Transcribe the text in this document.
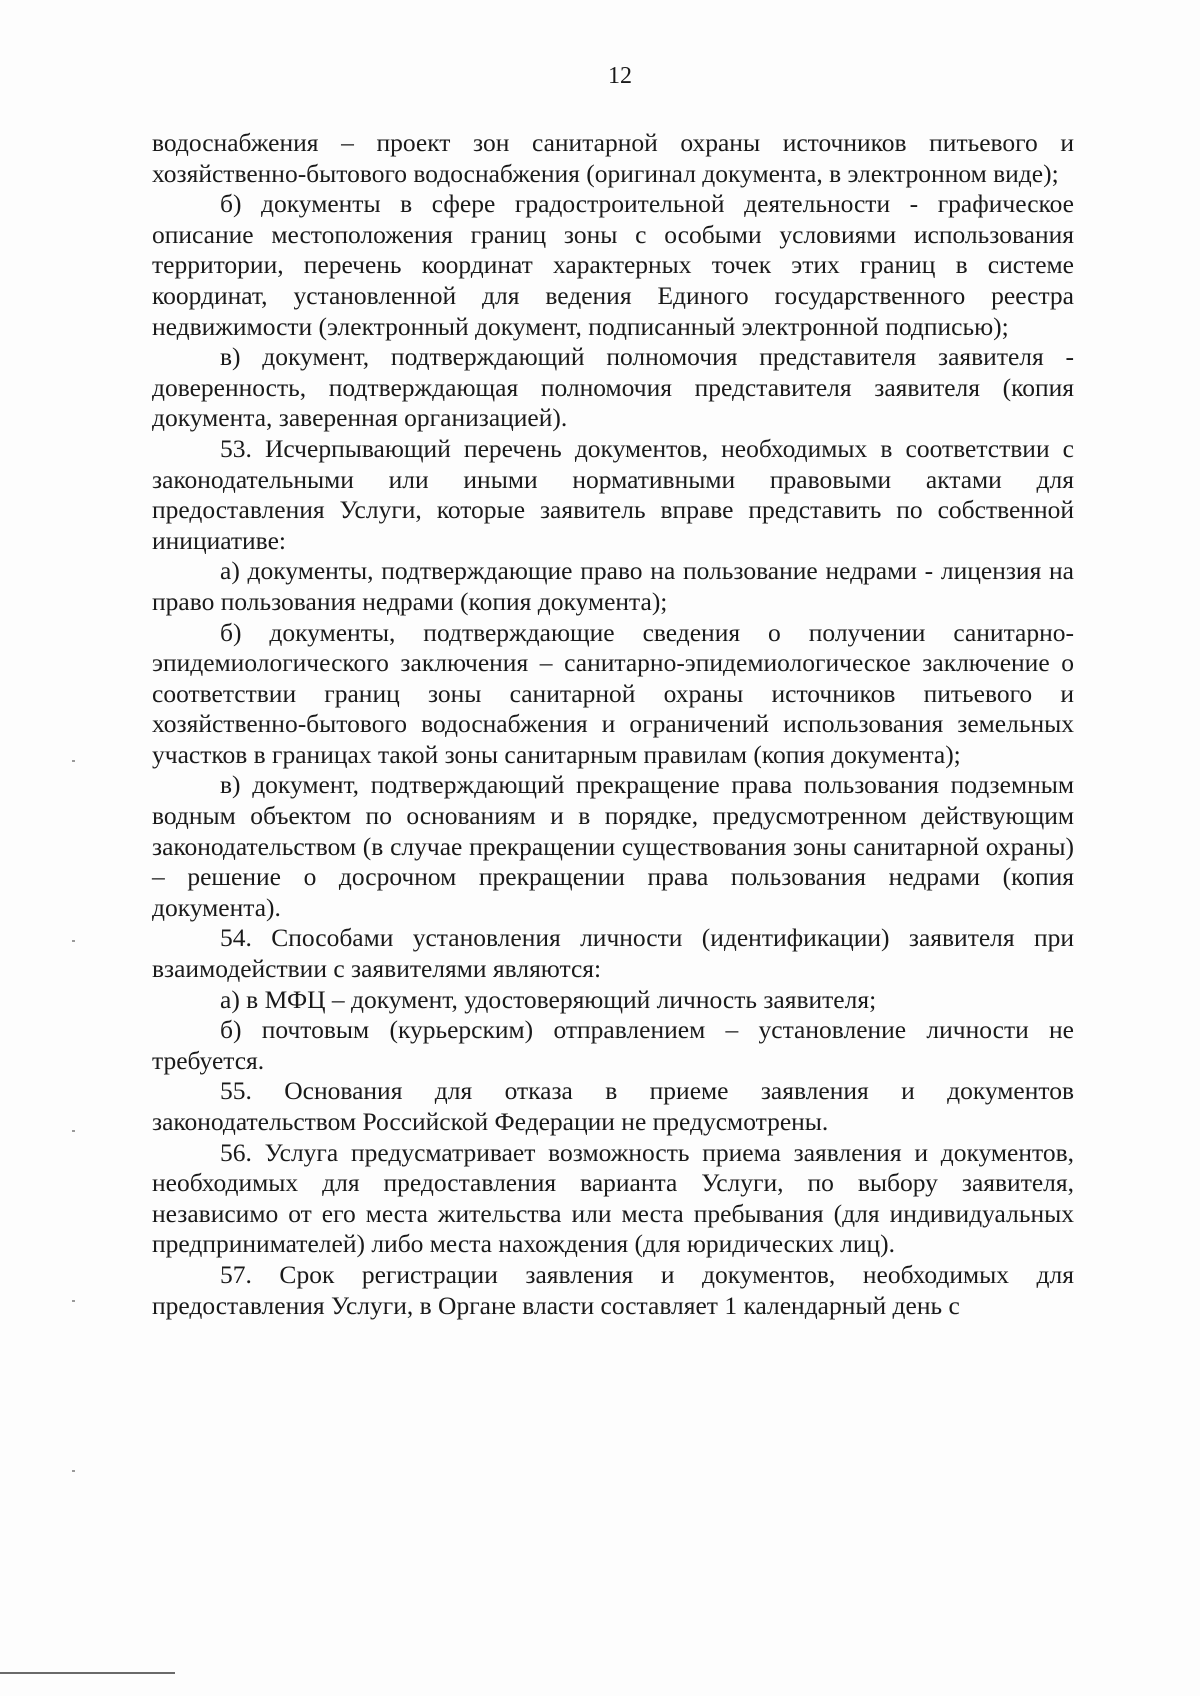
12

водоснабжения – проект зон санитарной охраны источников питьевого и хозяйственно-бытового водоснабжения (оригинал документа, в электронном виде);

б) документы в сфере градостроительной деятельности - графическое описание местоположения границ зоны с особыми условиями использования территории, перечень координат характерных точек этих границ в системе координат, установленной для ведения Единого государственного реестра недвижимости (электронный документ, подписанный электронной подписью);

в) документ, подтверждающий полномочия представителя заявителя - доверенность, подтверждающая полномочия представителя заявителя (копия документа, заверенная организацией).

53. Исчерпывающий перечень документов, необходимых в соответствии с законодательными или иными нормативными правовыми актами для предоставления Услуги, которые заявитель вправе представить по собственной инициативе:

а) документы, подтверждающие право на пользование недрами - лицензия на право пользования недрами (копия документа);

б) документы, подтверждающие сведения о получении санитарно-эпидемиологического заключения – санитарно-эпидемиологическое заключение о соответствии границ зоны санитарной охраны источников питьевого и хозяйственно-бытового водоснабжения и ограничений использования земельных участков в границах такой зоны санитарным правилам (копия документа);

в) документ, подтверждающий прекращение права пользования подземным водным объектом по основаниям и в порядке, предусмотренном действующим законодательством (в случае прекращении существования зоны санитарной охраны) – решение о досрочном прекращении права пользования недрами (копия документа).

54. Способами установления личности (идентификации) заявителя при взаимодействии с заявителями являются:

а) в МФЦ – документ, удостоверяющий личность заявителя;

б) почтовым (курьерским) отправлением – установление личности не требуется.

55. Основания для отказа в приеме заявления и документов законодательством Российской Федерации не предусмотрены.

56. Услуга предусматривает возможность приема заявления и документов, необходимых для предоставления варианта Услуги, по выбору заявителя, независимо от его места жительства или места пребывания (для индивидуальных предпринимателей) либо места нахождения (для юридических лиц).

57. Срок регистрации заявления и документов, необходимых для предоставления Услуги, в Органе власти составляет 1 календарный день с
